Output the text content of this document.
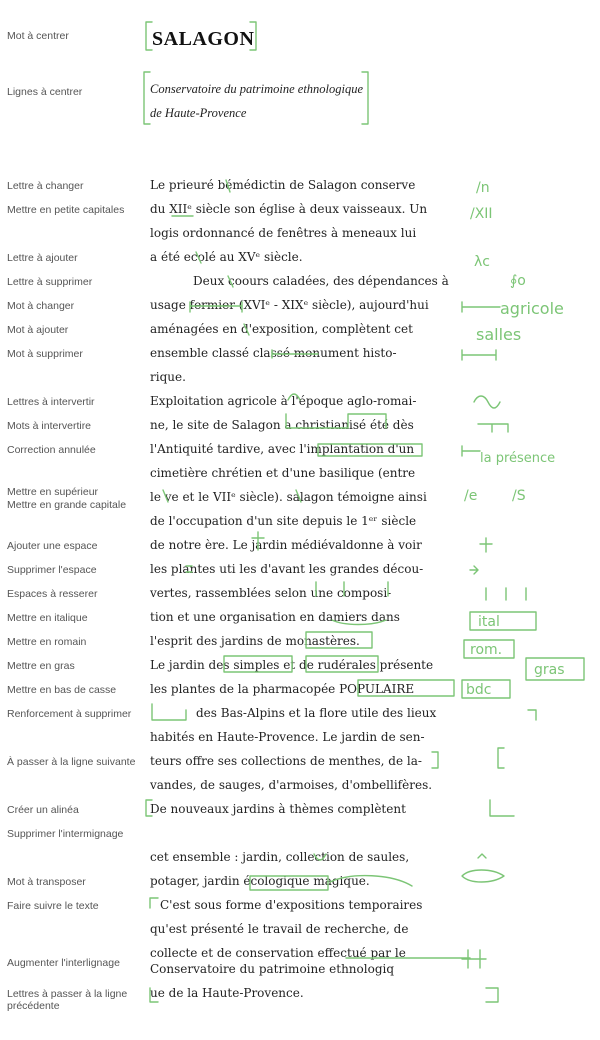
Mot à centrer
Lignes à centrer
SALAGON
Conservatoire du patrimoine ethnologique
de Haute-Provence
Lettre à changer
Mettre en petite capitales
Lettre à ajouter
Lettre à supprimer
Mot à changer
Mot à ajouter
Mot à supprimer
Lettres à intervertir
Mots à intervertire
Correction annulée
Mettre en supérieur
Mettre en grande capitale
Ajouter une espace
Supprimer l'espace
Espaces à resserer
Mettre en italique
Mettre en romain
Mettre en gras
Mettre en bas de casse
Renforcement à supprimer
À passer à la ligne suivante
Créer un alinéa
Supprimer l'intermignage
Mot à transposer
Faire suivre le texte
Augmenter l'interlignage
Lettres à passer à la ligne précédente
Le prieuré bémédictin de Salagon conserve
du XIIᵉ siècle son église à deux vaisseaux. Un
logis ordonnancé de fenêtres à meneaux lui
a été ecolé au XVᵉ siècle.
Deux coours caladées, des dépendances à
usage fermier (XVIᵉ - XIXᵉ siècle), aujourd'hui
aménagées en d'exposition, complètent cet
ensemble classé classé monument histo-
rique.
Exploitation agricole à l'époque aglo-romai-
ne, le site de Salagon a christianisé été dès
l'Antiquité tardive, avec l'implantation d'un
cimetière chrétien et d'une basilique (entre
le ve et le VIIᵉ siècle). salagon témoigne ainsi
de l'occupation d'un site depuis le 1ᵉʳ siècle
de notre ère. Le jardin médiévaldonne à voir
les plantes uti les d'avant les grandes décou-
vertes, rassemblées selon une composi-
tion et une organisation en damiers dans
l'esprit des jardins de monastères.
Le jardin des simples et de rudérales présente
les plantes de la pharmacopée POPULAIRE
des Bas-Alpins et la flore utile des lieux
habités en Haute-Provence. Le jardin de sen-
teurs offre ses collections de menthes, de la-
vandes, de sauges, d'armoises, d'ombellifères.
De nouveaux jardins à thèmes complètent
cet ensemble : jardin, collection de saules,
potager, jardin écologique magique.
C'est sous forme d'expositions temporaires
qu'est présenté le travail de recherche, de
collecte et de conservation effectué par le
Conservatoire du patrimoine ethnologiq
ue de la Haute-Provence.
/n
/XII
λc
∮o
agricole
salles
la présence
/e /S
ital
rom.
gras
bdc
